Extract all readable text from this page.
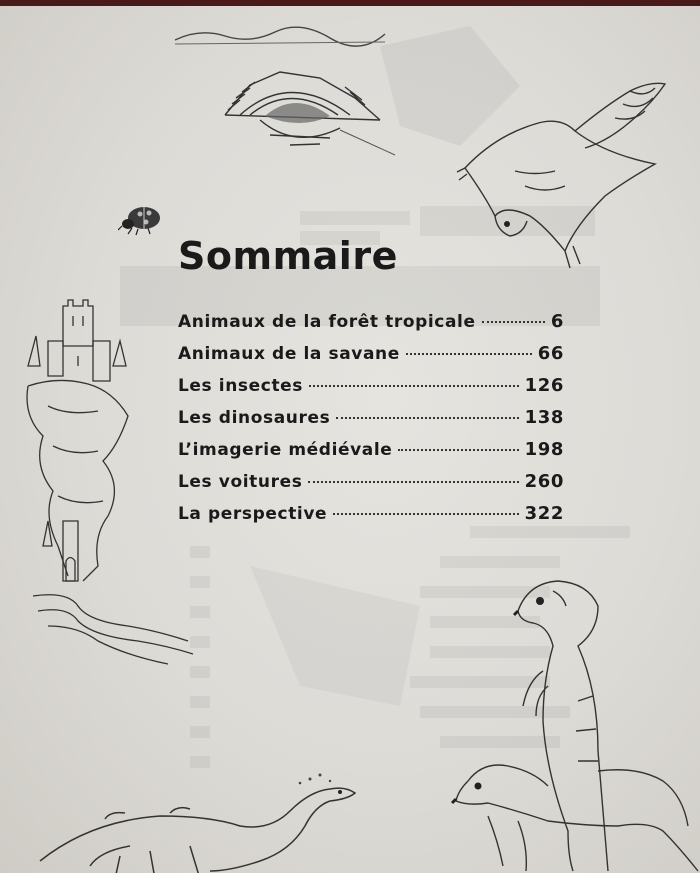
Sommaire
Animaux de la forêt tropicale	6
Animaux de la savane	66
Les insectes	126
Les dinosaures	138
L’imagerie médiévale	198
Les voitures	260
La perspective	322
